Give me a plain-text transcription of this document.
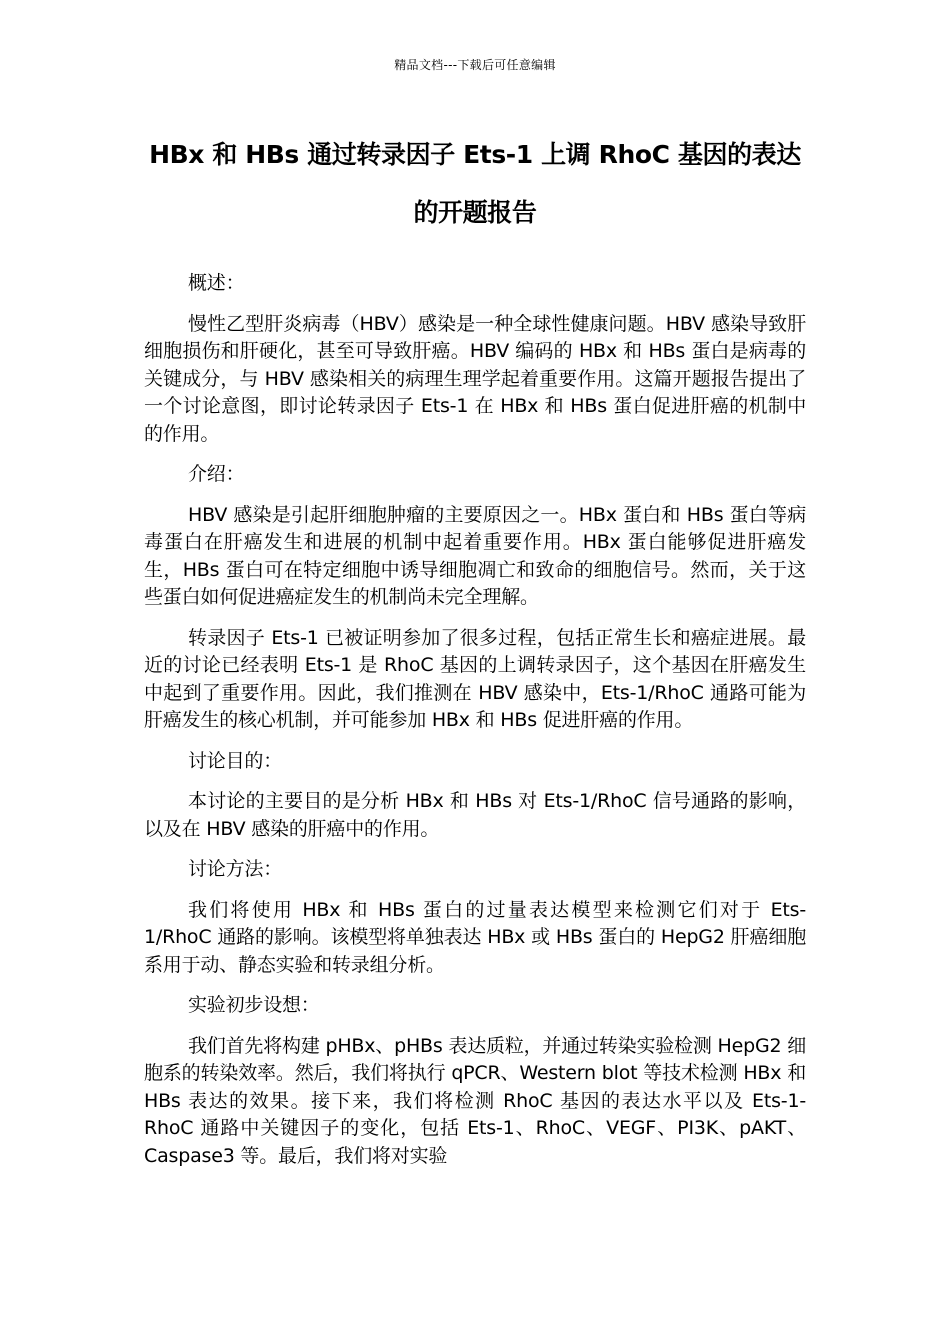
精品文档---下载后可任意编辑
HBx 和 HBs 通过转录因子 Ets-1 上调 RhoC 基因的表达的开题报告

概述：

慢性乙型肝炎病毒（HBV）感染是一种全球性健康问题。HBV 感染导致肝细胞损伤和肝硬化，甚至可导致肝癌。HBV 编码的 HBx 和 HBs 蛋白是病毒的关键成分，与 HBV 感染相关的病理生理学起着重要作用。这篇开题报告提出了一个讨论意图，即讨论转录因子 Ets-1 在 HBx 和 HBs 蛋白促进肝癌的机制中的作用。

介绍：

HBV 感染是引起肝细胞肿瘤的主要原因之一。HBx 蛋白和 HBs 蛋白等病毒蛋白在肝癌发生和进展的机制中起着重要作用。HBx 蛋白能够促进肝癌发生，HBs 蛋白可在特定细胞中诱导细胞凋亡和致命的细胞信号。然而，关于这些蛋白如何促进癌症发生的机制尚未完全理解。

转录因子 Ets-1 已被证明参加了很多过程，包括正常生长和癌症进展。最近的讨论已经表明 Ets-1 是 RhoC 基因的上调转录因子，这个基因在肝癌发生中起到了重要作用。因此，我们推测在 HBV 感染中，Ets-1/RhoC 通路可能为肝癌发生的核心机制，并可能参加 HBx 和 HBs 促进肝癌的作用。

讨论目的：

本讨论的主要目的是分析 HBx 和 HBs 对 Ets-1/RhoC 信号通路的影响，以及在 HBV 感染的肝癌中的作用。

讨论方法：

我们将使用 HBx 和 HBs 蛋白的过量表达模型来检测它们对于 Ets-1/RhoC 通路的影响。该模型将单独表达 HBx 或 HBs 蛋白的 HepG2 肝癌细胞系用于动、静态实验和转录组分析。

实验初步设想：

我们首先将构建 pHBx、pHBs 表达质粒，并通过转染实验检测 HepG2 细胞系的转染效率。然后，我们将执行 qPCR、Western blot 等技术检测 HBx 和 HBs 表达的效果。接下来，我们将检测 RhoC 基因的表达水平以及 Ets-1-RhoC 通路中关键因子的变化，包括 Ets-1、RhoC、VEGF、PI3K、pAKT、Caspase3 等。最后，我们将对实验
